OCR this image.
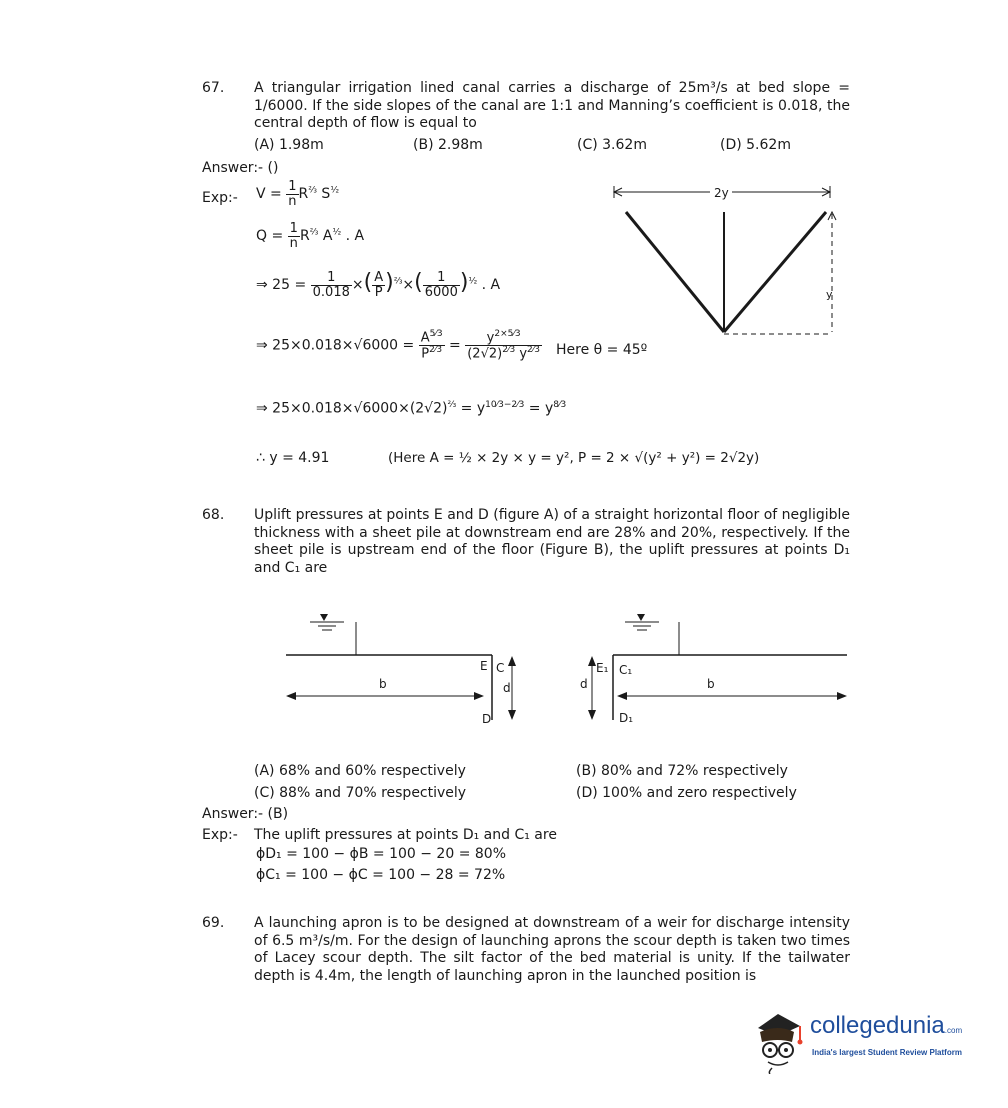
67. A triangular irrigation lined canal carries a discharge of 25m³/s at bed slope = 1/6000. If the side slopes of the canal are 1:1 and Manning’s coefficient is 0.018, the central depth of flow is equal to
(A) 1.98m	(B) 2.98m	(C) 3.62m	(D) 5.62m
Answer:- ()
Exp:- $V = \frac{1}{n} R^{\frac{2}{3}}$ $S^{\frac{1}{2}}$
$Q = \frac{1}{n} R^{\frac{2}{3}}$ $A^{\frac{1}{2}}$ . A
⇒ $25 = \frac{1}{0.018}$ ×( $\frac{A}{P} )^{\frac{2}{3}}\times( \frac{1}{6000} )^{\frac{1}{2}}$ . A
⇒ $25\times 0.018\times√6000 = \frac{A^{5⁄3}}{P^{2⁄3}} = \frac{y^{2\times 5⁄3}}{(2√2)^{2⁄3} y^{2⁄3}}$ Here θ = 45º
⇒ $25\times 0.018\times√6000\times(2√2)^{\frac{2}{3}} = y^{10⁄3-2⁄3} = y^{8⁄3}$
∴ y = 4.91	(Here A = ½ × 2y × y = y², P = 2 × √(y² + y²) = 2√2y)
2y
y
68. Uplift pressures at points E and D (figure A) of a straight horizontal floor of negligible thickness with a sheet pile at downstream end are 28% and 20%, respectively. If the sheet pile is upstream end of the floor (Figure B), the uplift pressures at points D₁ and C₁ are
b
E C
D
d	b
E₁ C₁
D₁
d
(A) 68% and 60% respectively	(B) 80% and 72% respectively
(C) 88% and 70% respectively	(D) 100% and zero respectively
Answer:- (B)
Exp:- The uplift pressures at points D₁ and C₁ are
ϕD₁ = 100 − ϕB = 100 − 20 = 80%
ϕC₁ = 100 − ϕC = 100 − 28 = 72%
69. A launching apron is to be designed at downstream of a weir for discharge intensity of 6.5 m³/s/m. For the design of launching aprons the scour depth is taken two times of Lacey scour depth. The silt factor of the bed material is unity. If the tailwater depth is 4.4m, the length of launching apron in the launched position is
collegedunia.com
India's largest Student Review Platform
